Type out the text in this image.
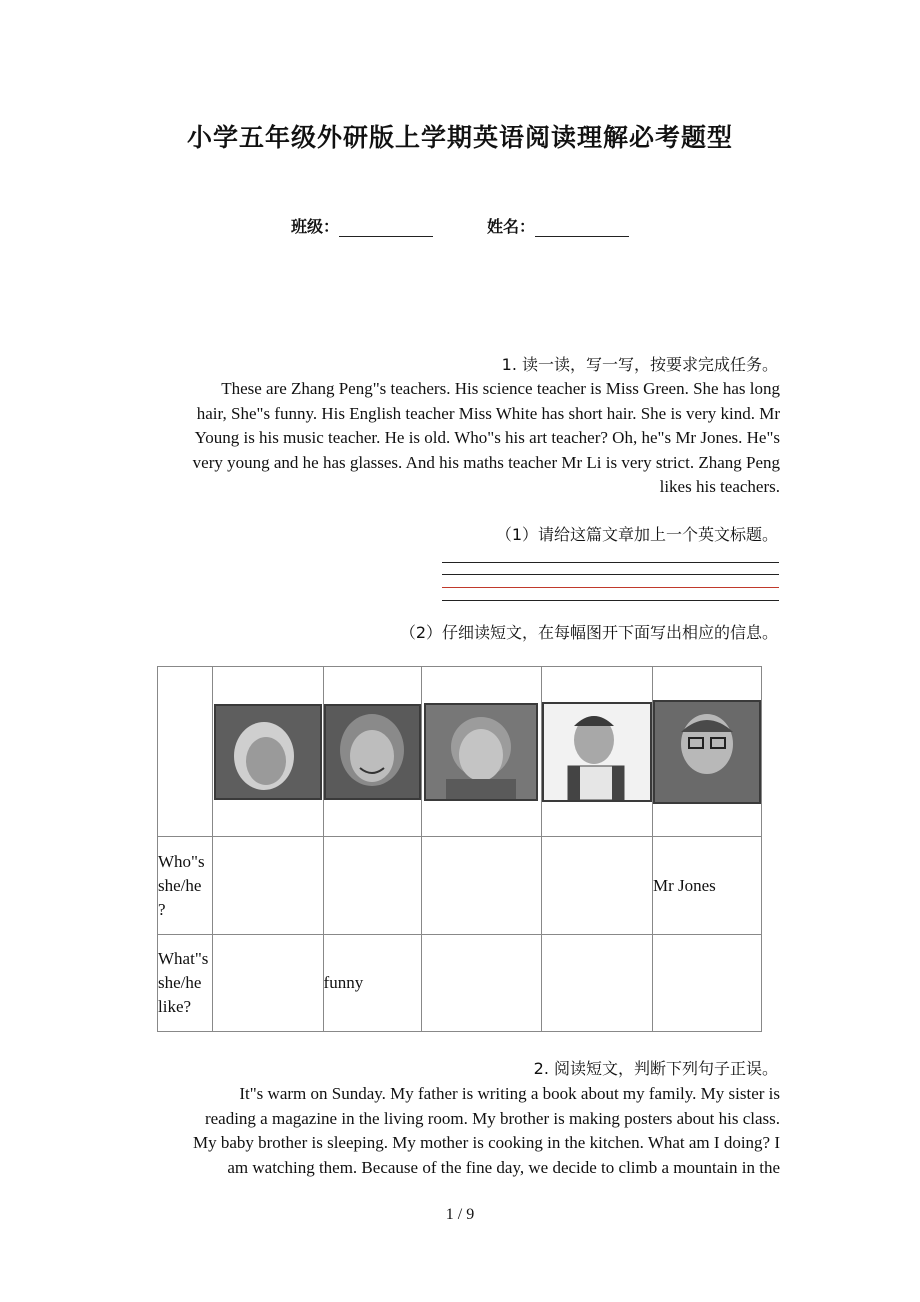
小学五年级外研版上学期英语阅读理解必考题型
班级：	姓名：
1. 读一读，写一写，按要求完成任务。
These are Zhang Peng"s teachers. His science teacher is Miss Green. She has long
hair, She"s funny. His English teacher Miss White has short hair. She is very kind. Mr
Young is his music teacher. He is old. Who"s his art teacher? Oh, he"s Mr Jones. He"s
very young and he has glasses. And his maths teacher Mr Li is very strict. Zhang Peng
likes his teachers.
（1）请给这篇文章加上一个英文标题。
（2）仔细读短文，在每幅图开下面写出相应的信息。

Who"s she/he ?					Mr Jones
What"s she/he like?		funny			
2. 阅读短文，判断下列句子正误。
It"s warm on Sunday. My father is writing a book about my family. My sister is
reading a magazine in the living room. My brother is making posters about his class.
My baby brother is sleeping. My mother is cooking in the kitchen. What am I doing? I
am watching them. Because of the fine day, we decide to climb a mountain in the
1 / 9
